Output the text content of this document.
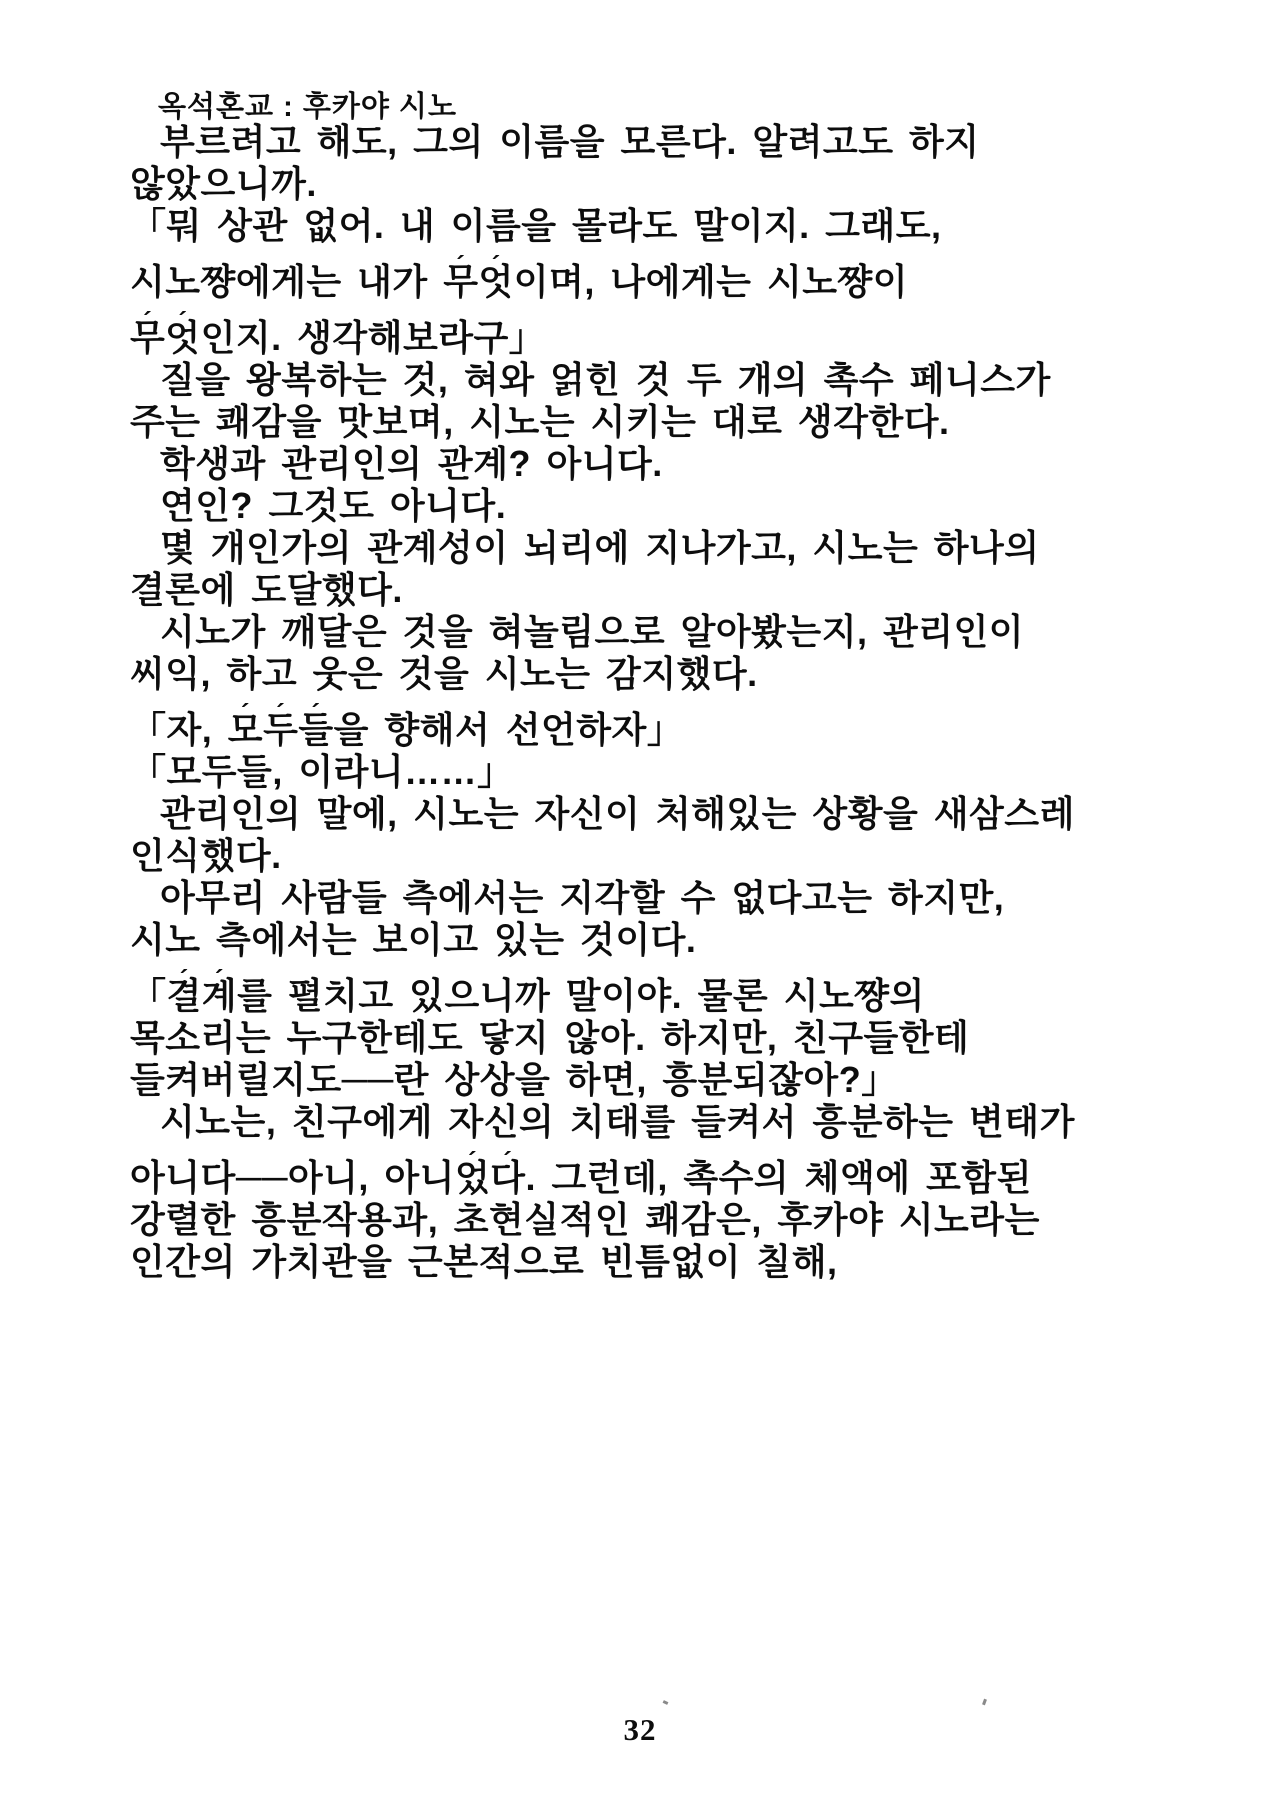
옥석혼교 : 후카야 시노
부르려고 해도, 그의 이름을 모른다. 알려고도 하지
않았으니까.
「뭐 상관 없어. 내 이름을 몰라도 말이지. 그래도,
시노쨩에게는 내가 무 ´엇 ´이며, 나에게는 시노쨩이
무 ´엇 ´인지. 생각해보라구」
질을 왕복하는 것, 혀와 얽힌 것 두 개의 촉수 페니스가
주는 쾌감을 맛보며, 시노는 시키는 대로 생각한다.
학생과 관리인의 관계? 아니다.
연인? 그것도 아니다.
몇 개인가의 관계성이 뇌리에 지나가고, 시노는 하나의
결론에 도달했다.
시노가 깨달은 것을 혀놀림으로 알아봤는지, 관리인이
씨익, 하고 웃은 것을 시노는 감지했다.
「자, 모 ´두 ´들 ´을 향해서 선언하자」
「모두들, 이라니……」
관리인의 말에, 시노는 자신이 처해있는 상황을 새삼스레
인식했다.
아무리 사람들 측에서는 지각할 수 없다고는 하지만,
시노 측에서는 보이고 있는 것이다.
「결 ´계 ´를 펼치고 있으니까 말이야. 물론 시노쨩의
목소리는 누구한테도 닿지 않아. 하지만, 친구들한테
들켜버릴지도──란 상상을 하면, 흥분되잖아?」
시노는, 친구에게 자신의 치태를 들켜서 흥분하는 변태가
아니다──아니, 아니었 ´다 ´. 그런데, 촉수의 체액에 포함된
강렬한 흥분작용과, 초현실적인 쾌감은, 후카야 시노라는
인간의 가치관을 근본적으로 빈틈없이 칠해,
32
